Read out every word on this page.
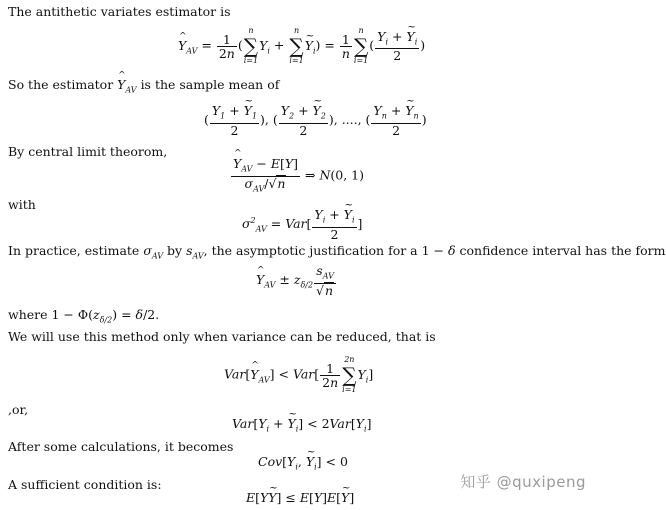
The antithetic variates estimator is
^ $Y_{AV} = \frac{1}{2n}$ (
n
∑
i=1
$Y_i$ +
n
∑
i=1
~ $Y_i) = \frac{1}{n}$
n
∑
i=1
( $\frac{Y_i + \sim Y_i}{2}$ )
So the estimator ^ $Y_{AV}$ is the sample mean of
( $\frac{Y_1 + \sim Y_1}{2}$ ), ( $\frac{Y_2 + \sim Y_2}{2}$ ), ...., ( $\frac{Y_n + \sim Y_n}{2}$ )
By central limit theorom,
^ $\frac{Y_{AV} - E[Y]}{\sigma_{AV}/√n}$ ⇒ N(0, 1)
with
$\sigma^2_{AV} = Var[ \frac{Y_i + \sim Y_i}{2}$ ]
In practice, estimate $\sigma_{AV}$ by $s_{AV}$, the asymptotic justification for a 1 − δ confidence interval has the form
^ $Y_{AV} \pm z_{\delta/2} \frac{s_{AV}}{√n}$
where $1 - \Phi(z_{\delta/2}) = \delta/2$.
We will use this method only when variance can be reduced, that is
Var[^ $Y_{AV}] < Var[ \frac{1}{2n}$
2n
∑
i=1
$Y_i$]
,or,
$Var[Y_i$ + ~ $Y_i] < 2Var[Y_i]$
After some calculations, it becomes
$Cov[Y_i$, ~ $Y_i] < 0$
A sufficient condition is:
E[Y~ Y] ≤ E[Y]E[~ Y]
知乎 @quxipeng
